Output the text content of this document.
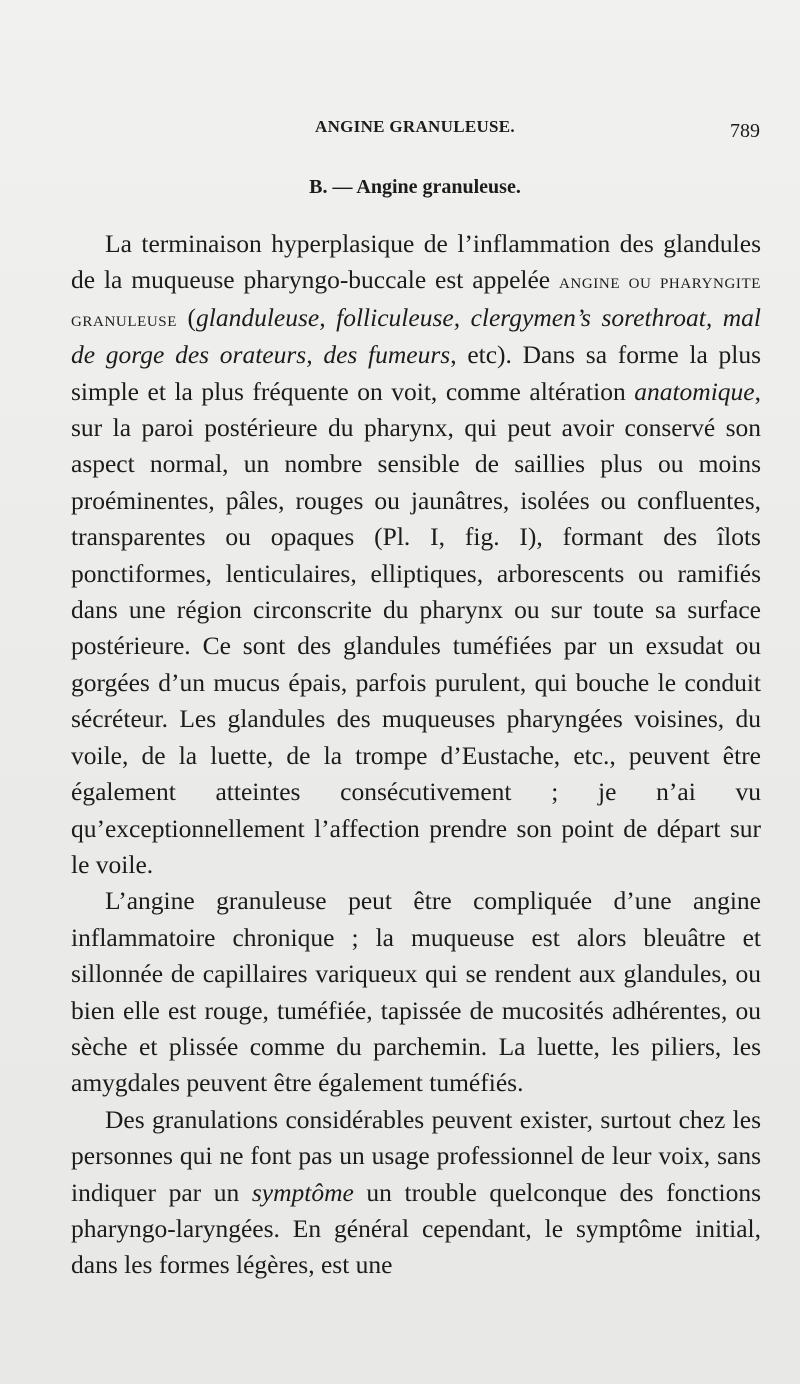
ANGINE GRANULEUSE.	789
B. — Angine granuleuse.

La terminaison hyperplasique de l’inflammation des glandules de la muqueuse pharyngo-buccale est appelée angine ou pharyngite granuleuse (glanduleuse, folliculeuse, clergymen’s sorethroat, mal de gorge des orateurs, des fumeurs, etc). Dans sa forme la plus simple et la plus fréquente on voit, comme altération anatomique, sur la paroi postérieure du pharynx, qui peut avoir conservé son aspect normal, un nombre sensible de saillies plus ou moins proéminentes, pâles, rouges ou jaunâtres, isolées ou confluentes, transparentes ou opaques (Pl. I, fig. I), formant des îlots ponctiformes, lenticulaires, elliptiques, arborescents ou ramifiés dans une région circonscrite du pharynx ou sur toute sa surface postérieure. Ce sont des glandules tuméfiées par un exsudat ou gorgées d’un mucus épais, parfois purulent, qui bouche le conduit sécréteur. Les glandules des muqueuses pharyngées voisines, du voile, de la luette, de la trompe d’Eustache, etc., peuvent être également atteintes consécutivement ; je n’ai vu qu’exceptionnellement l’affection prendre son point de départ sur le voile.

L’angine granuleuse peut être compliquée d’une angine inflammatoire chronique ; la muqueuse est alors bleuâtre et sillonnée de capillaires variqueux qui se rendent aux glandules, ou bien elle est rouge, tuméfiée, tapissée de mucosités adhérentes, ou sèche et plissée comme du parchemin. La luette, les piliers, les amygdales peuvent être également tuméfiés.

Des granulations considérables peuvent exister, surtout chez les personnes qui ne font pas un usage professionnel de leur voix, sans indiquer par un symptôme un trouble quelconque des fonctions pharyngo-laryngées. En général cependant, le symptôme initial, dans les formes légères, est une
